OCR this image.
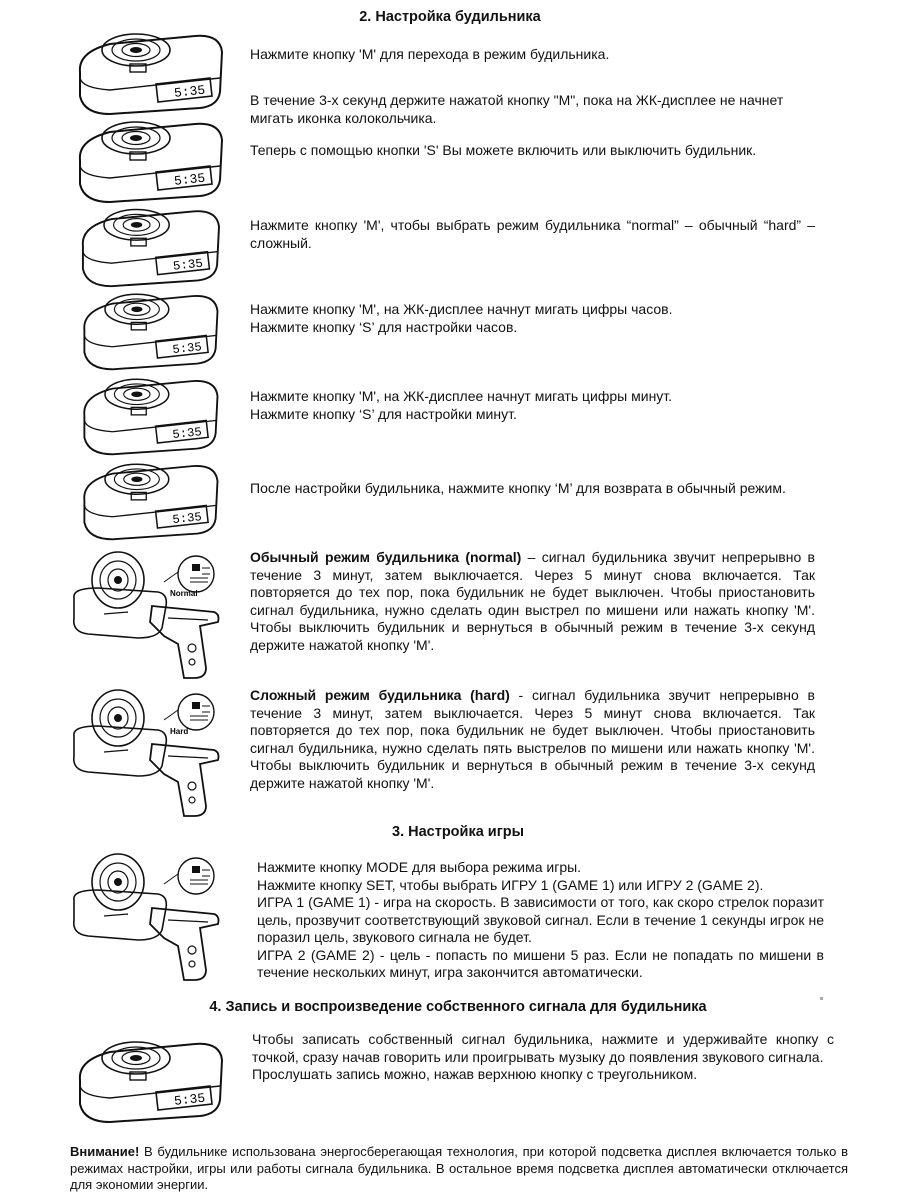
2. Настройка будильника
5:35
5:35
5:35
5:35
5:35
5:35
Нажмите кнопку 'M' для перехода в режим будильника.
В течение 3-х секунд держите нажатой кнопку "M", пока на ЖК-дисплее не начнет мигать иконка колокольчика.
Теперь с помощью кнопки 'S' Вы можете включить или выключить будильник.
Нажмите кнопку 'M', чтобы выбрать режим будильника “normal” – обычный “hard” – сложный.

Нажмите кнопку 'M', на ЖК-дисплее начнут мигать цифры часов.

Нажмите кнопку ‘S’ для настройки часов.

Нажмите кнопку 'M', на ЖК-дисплее начнут мигать цифры минут.

Нажмите кнопку ‘S’ для настройки минут.

После настройки будильника, нажмите кнопку ‘M’ для возврата в обычный режим.
Normal
Обычный режим будильника (normal) – сигнал будильника звучит непрерывно в течение 3 минут, затем выключается. Через 5 минут снова включается. Так повторяется до тех пор, пока будильник не будет выключен. Чтобы приостановить сигнал будильника, нужно сделать один выстрел по мишени или нажать кнопку 'M'. Чтобы выключить будильник и вернуться в обычный режим в течение 3-х секунд держите нажатой кнопку 'M'.
Hard
Сложный режим будильника (hard) - сигнал будильника звучит непрерывно в течение 3 минут, затем выключается. Через 5 минут снова включается. Так повторяется до тех пор, пока будильник не будет выключен. Чтобы приостановить сигнал будильника, нужно сделать пять выстрелов по мишени или нажать кнопку 'M'. Чтобы выключить будильник и вернуться в обычный режим в течение 3-х секунд держите нажатой кнопку 'M'.
3. Настройка игры

Нажмите кнопку MODE для выбора режима игры.

Нажмите кнопку SET, чтобы выбрать ИГРУ 1 (GAME 1) или ИГРУ 2 (GAME 2).

ИГРА 1 (GAME 1) - игра на скорость. В зависимости от того, как скоро стрелок поразит цель, прозвучит соответствующий звуковой сигнал. Если в течение 1 секунды игрок не поразил цель, звукового сигнала не будет.

ИГРА 2 (GAME 2) - цель - попасть по мишени 5 раз. Если не попадать по мишени в течение нескольких минут, игра закончится автоматически.

4. Запись и воспроизведение собственного сигнала для будильника
5:35

Чтобы записать собственный сигнал будильника, нажмите и удерживайте кнопку с точкой, сразу начав говорить или проигрывать музыку до появления звукового сигнала.

Прослушать запись можно, нажав верхнюю кнопку с треугольником.

Внимание! В будильнике использована энергосберегающая технология, при которой подсветка дисплея включается только в режимах настройки, игры или работы сигнала будильника. В остальное время подсветка дисплея автоматически отключается для экономии энергии.
